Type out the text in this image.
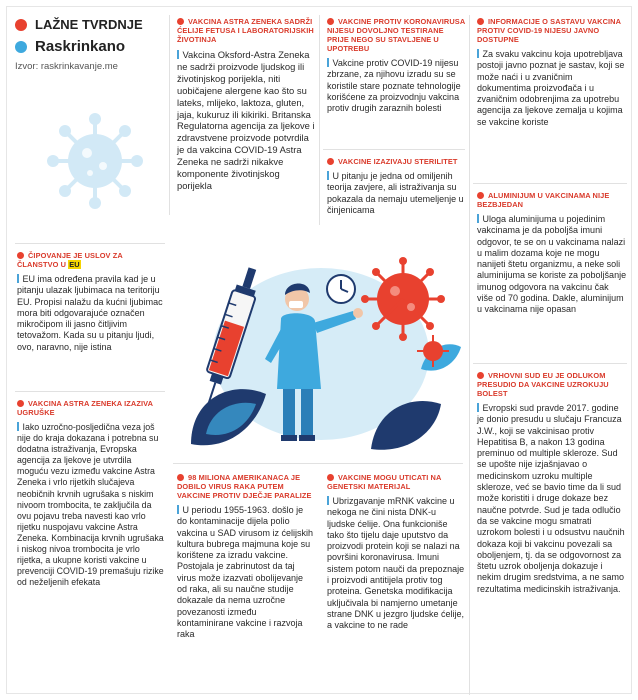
LAŽNE TVRDNJE
Raskrinkano
Izvor: raskrinkavanje.me
VAKCINA ASTRA ZENEKA SADRŽI ĆELIJE FETUSA I LABORATORIJSKIH ŽIVOTINJA
Vakcina Oksford-Astra Zeneka ne sadrži proizvode ljudskog ili životinjskog porijekla, niti uobičajene alergene kao što su lateks, mlijeko, laktoza, gluten, jaja, kukuruz ili kikiriki. Britanska Regulatorna agencija za ljekove i zdravstvene proizvode potvrdila je da vakcina COVID-19 Astra Zeneka ne sadrži nikakve komponente životinjskog porijekla
VAKCINE PROTIV KORONAVIRUSA NIJESU DOVOLJNO TESTIRANE PRIJE NEGO SU STAVLJENE U UPOTREBU
Vakcine protiv COVID-19 nijesu zbrzane, za njihovu izradu su se koristile stare poznate tehnologije korišćene za proizvodnju vakcina protiv drugih zaraznih bolesti
VAKCINE IZAZIVAJU STERILITET
U pitanju je jedna od omiljenih teorija zavjere, ali istraživanja su pokazala da nemaju utemeljenje u činjenicama
INFORMACIJE O SASTAVU VAKCINA PROTIV COVID-19 NIJESU JAVNO DOSTUPNE
Za svaku vakcinu koja upotrebljava postoji javno poznat je sastav, koji se može naći i u zvaničnim dokumentima proizvođača i u zvaničnim odobrenjima za upotrebu agencija za ljekove zemalja u kojima se vakcine koriste
ALUMINIJUM U VAKCINAMA NIJE BEZBJEDAN
Uloga aluminijuma u pojedinim vakcinama je da pobolјša imuni odgovor, te se on u vakcinama nalazi u malim dozama koje ne mogu nanijeti štetu organizmu, a neke soli aluminijuma se koriste za poboljšanje imunog odgovora na vakcinu čak više od 70 godina. Dakle, aluminijum u vakcinama nije opasan
VRHOVNI SUD EU JE ODLUKOM PRESUDIO DA VAKCINE UZROKUJU BOLEST
Evropski sud pravde 2017. godine je donio presudu u slučaju Francuza J.W., koji se vakcinisao protiv Hepatitisa B, a nakon 13 godina preminuo od multiple skleroze. Sud se upošte nije izjašnjavao o medicinskom uzroku multiple skleroze, već se bavio time da li sud može koristiti i druge dokaze bez naučne potvrde. Sud je tada odlučio da se vakcine mogu smatrati uzrokom bolesti i u odsustvu naučnih dokaza koji bi vakcinu povezali sa oboljenjem, tj. da se odgovornost za štetu uzrok oboljenja dokazuje i nekim drugim sredstvima, a ne samo rezultatima medicinskih istraživanja.
ČIPOVANJE JE USLOV ZA ČLANSTVO U EU
EU ima određena pravila kad je u pitanju ulazak ljubimaca na teritoriju EU. Propisi nalažu da kućni ljubimac mora biti odgovarajuće označen mikročipom ili jasno čitljivim tetovažom. Kada su u pitanju ljudi, ovo, naravno, nije istina
VAKCINA ASTRA ZENEKA IZAZIVA UGRUŠKE
Iako uzročno-posljedična veza još nije do kraja dokazana i potrebna su dodatna istraživanja, Evropska agencija za ljekove je utvrdila moguću vezu između vakcine Astra Zeneka i vrlo rijetkih slučajeva neobičnih krvnih ugrušaka s niskim nivoom trombocita, te zaključila da ovu pojavu treba navesti kao vrlo rijetku nuspojavu vakcine Astra Zeneka. Kombinacija krvnih ugrušaka i niskog nivoa trombocita je vrlo rijetka, a ukupne koristi vakcine u prevenciji COVID-19 premašuju rizike od neželjenih efekata
98 MILIONA AMERIKANACA JE DOBILO VIRUS RAKA PUTEM VAKCINE PROTIV DJEČJE PARALIZE
U periodu 1955-1963. došlo je do kontaminacije dijela polio vakcina u SAD virusom iz ćelijskih kultura bubrega majmuna koje su korištene za izradu vakcine. Postojala je zabrinutost da taj virus može izazvati obolijevanje od raka, ali su naučne studije dokazale da nema uzročne povezanosti između kontaminirane vakcine i razvoja raka
VAKCINE MOGU UTICATI NA GENETSKI MATERIJAL
Ubrizgavanje mRNK vakcine u nekoga ne čini nista DNK-u ljudske ćelije. Ona funkcioniše tako što tijelu daje uputstvo da proizvodi protein koji se nalazi na površini koronavirusa. Imuni sistem potom nauči da prepoznaje i proizvodi antitijela protiv tog proteina. Genetska modifikacija uključivala bi namjerno umetanje strane DNK u jezgro ljudske ćelije, a vakcine to ne rade
